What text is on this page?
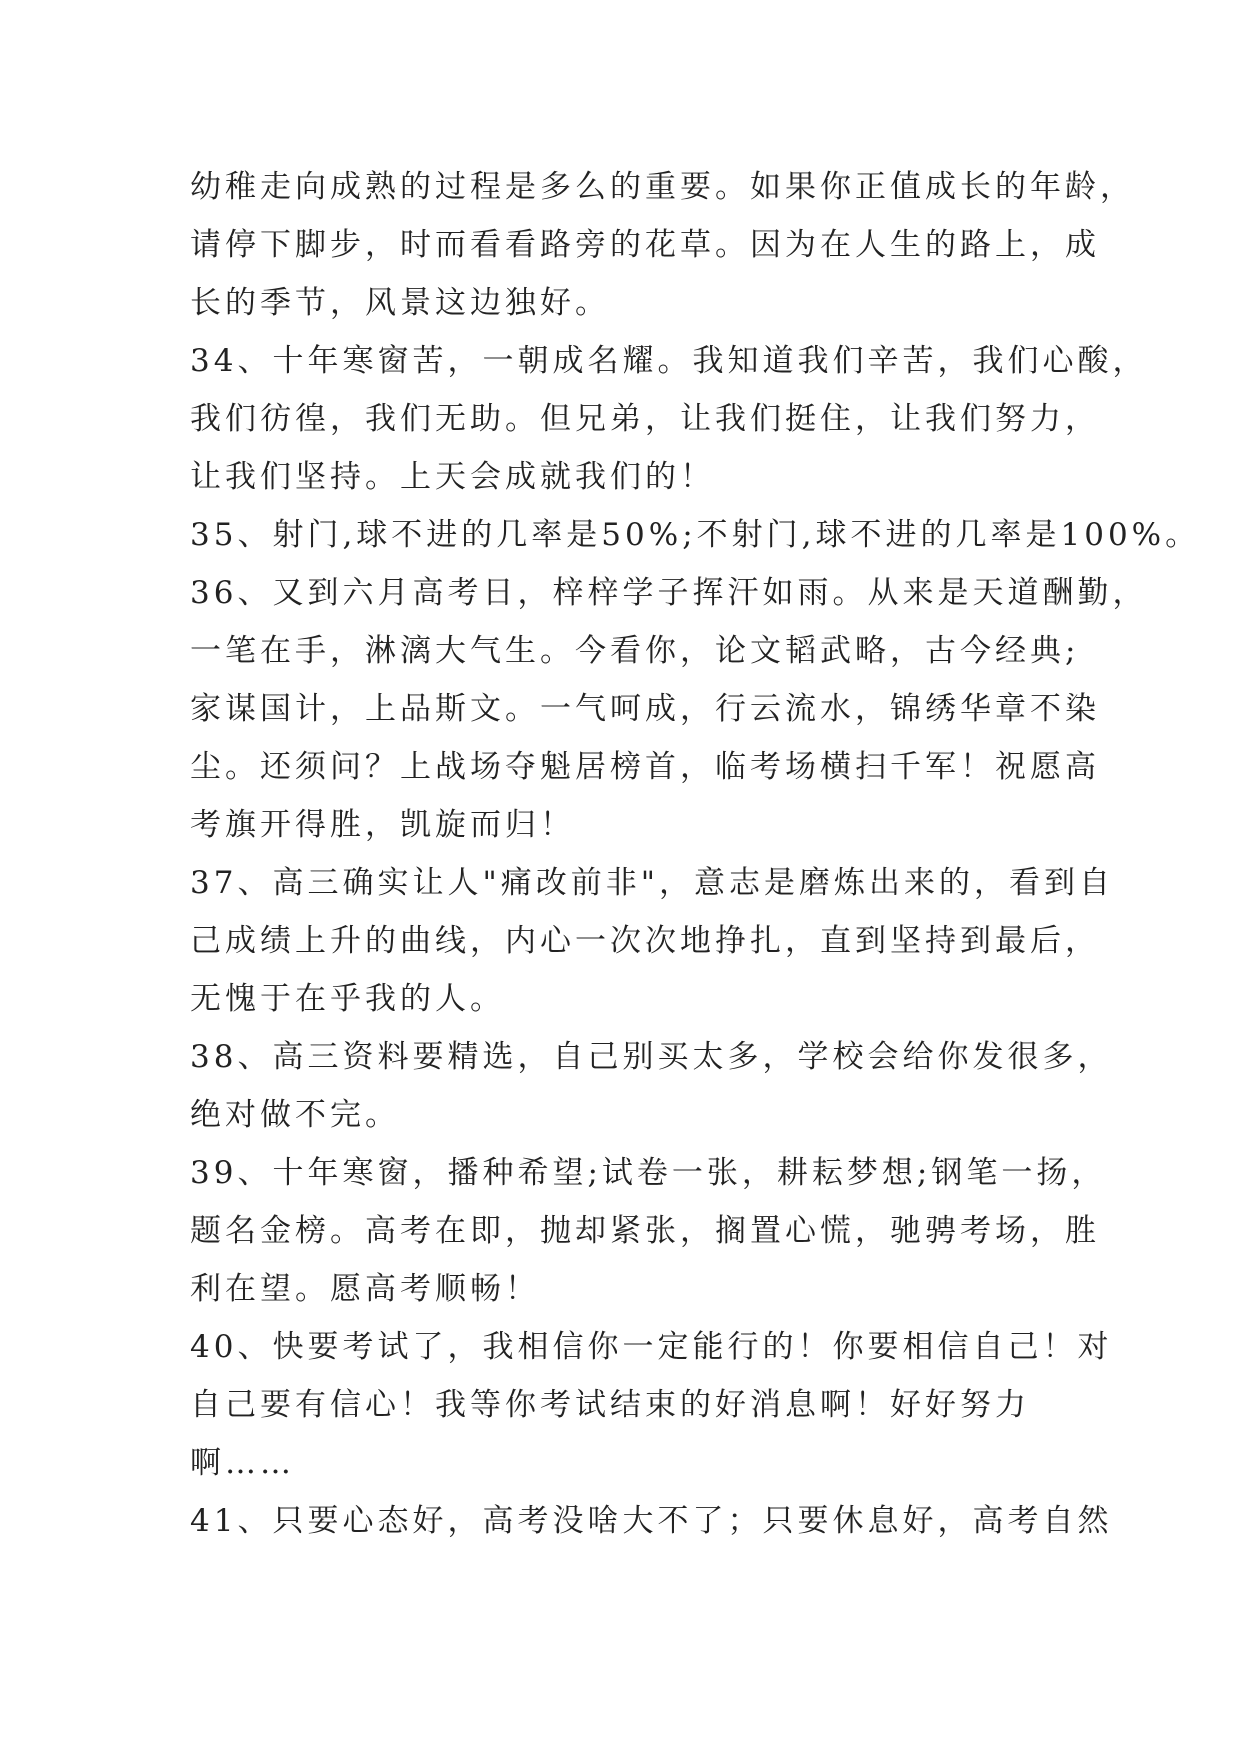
幼稚走向成熟的过程是多么的重要。如果你正值成长的年龄，
请停下脚步，时而看看路旁的花草。因为在人生的路上，成
长的季节，风景这边独好。
34、十年寒窗苦，一朝成名耀。我知道我们辛苦，我们心酸，
我们彷徨，我们无助。但兄弟，让我们挺住，让我们努力，
让我们坚持。上天会成就我们的！
35、射门,球不进的几率是50%;不射门,球不进的几率是100%。
36、又到六月高考日，梓梓学子挥汗如雨。从来是天道酬勤，
一笔在手，淋漓大气生。今看你，论文韬武略，古今经典;
家谋国计，上品斯文。一气呵成，行云流水，锦绣华章不染
尘。还须问？上战场夺魁居榜首，临考场横扫千军！祝愿高
考旗开得胜，凯旋而归！
37、高三确实让人"痛改前非"，意志是磨炼出来的，看到自
己成绩上升的曲线，内心一次次地挣扎，直到坚持到最后，
无愧于在乎我的人。
38、高三资料要精选，自己别买太多，学校会给你发很多，
绝对做不完。
39、十年寒窗，播种希望;试卷一张，耕耘梦想;钢笔一扬，
题名金榜。高考在即，抛却紧张，搁置心慌，驰骋考场，胜
利在望。愿高考顺畅！
40、快要考试了，我相信你一定能行的！你要相信自己！对
自己要有信心！我等你考试结束的好消息啊！好好努力
啊……
41、只要心态好，高考没啥大不了；只要休息好，高考自然
